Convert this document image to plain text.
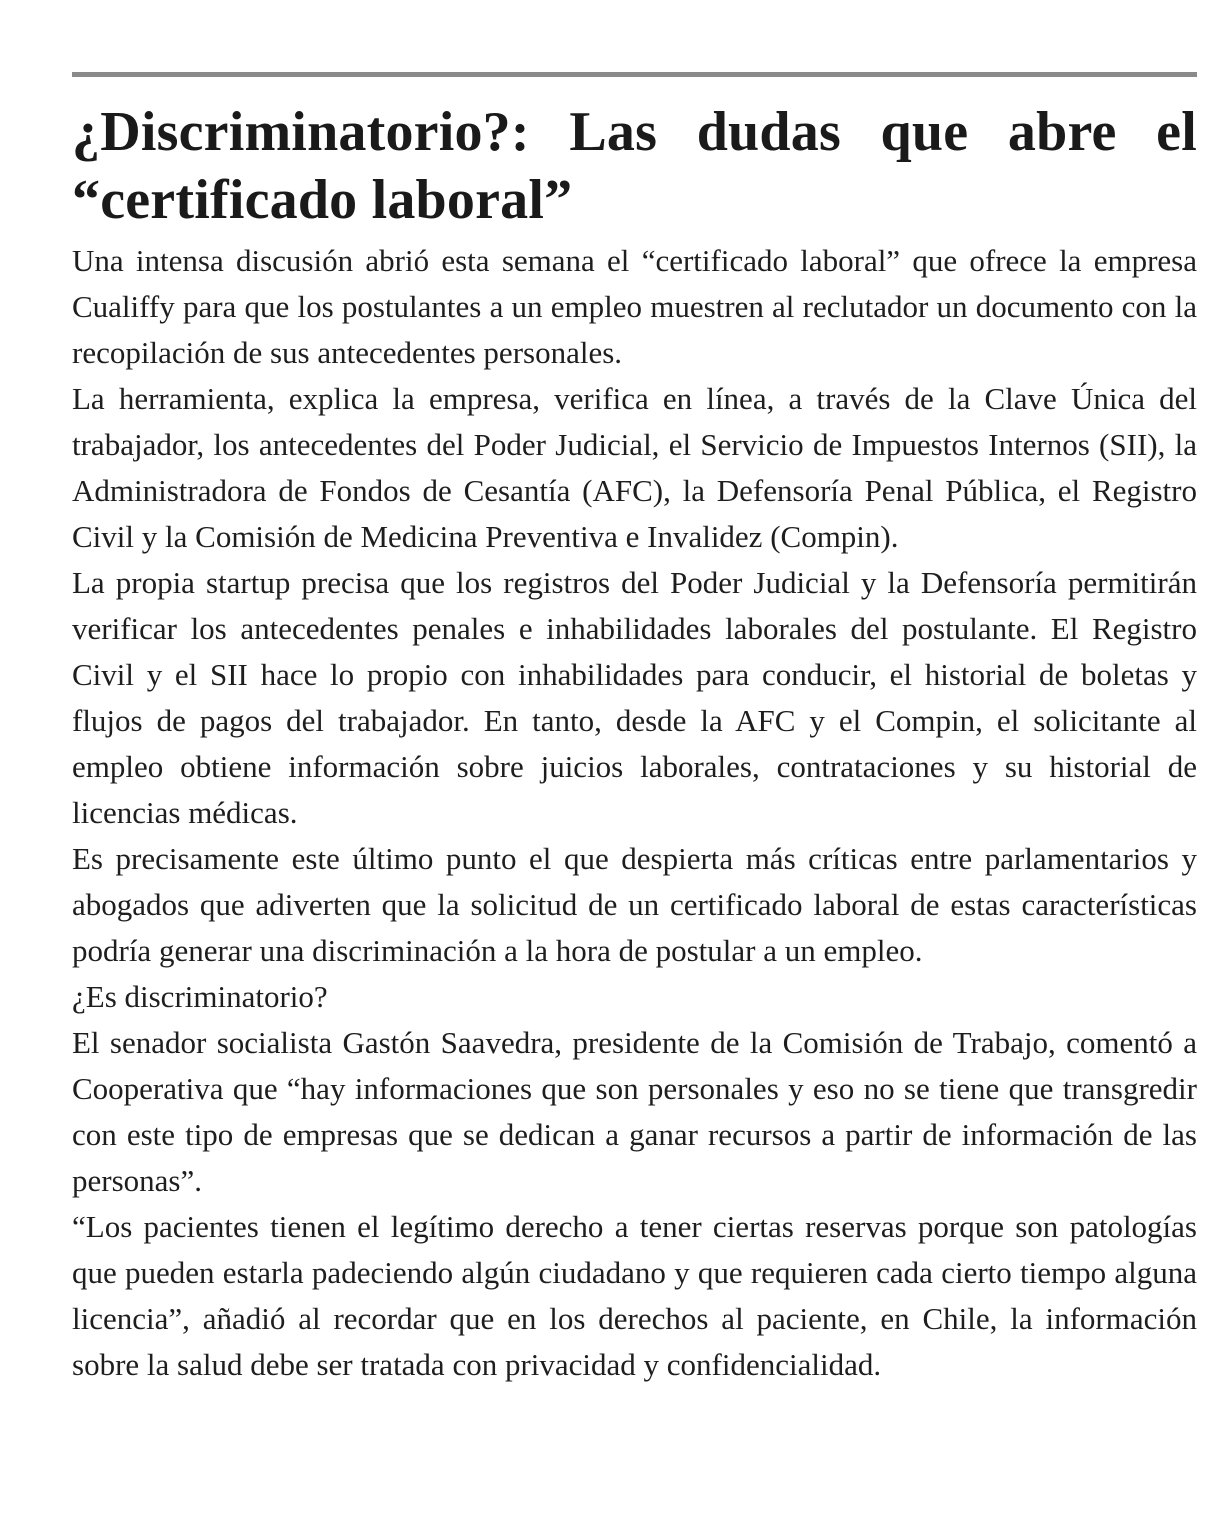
¿Discriminatorio?: Las dudas que abre el “certificado laboral”

Una intensa discusión abrió esta semana el “certificado laboral” que ofrece la empresa Cualiffy para que los postulantes a un empleo muestren al reclutador un documento con la recopilación de sus antecedentes personales.

La herramienta, explica la empresa, verifica en línea, a través de la Clave Única del trabajador, los antecedentes del Poder Judicial, el Servicio de Impuestos Internos (SII), la Administradora de Fondos de Cesantía (AFC), la Defensoría Penal Pública, el Registro Civil y la Comisión de Medicina Preventiva e Invalidez (Compin).

La propia startup precisa que los registros del Poder Judicial y la Defensoría permitirán verificar los antecedentes penales e inhabilidades laborales del postulante. El Registro Civil y el SII hace lo propio con inhabilidades para conducir, el historial de boletas y flujos de pagos del trabajador. En tanto, desde la AFC y el Compin, el solicitante al empleo obtiene información sobre juicios laborales, contrataciones y su historial de licencias médicas.

Es precisamente este último punto el que despierta más críticas entre parlamentarios y abogados que adiverten que la solicitud de un certificado laboral de estas características podría generar una discriminación a la hora de postular a un empleo.

¿Es discriminatorio?

El senador socialista Gastón Saavedra, presidente de la Comisión de Trabajo, comentó a Cooperativa que “hay informaciones que son personales y eso no se tiene que transgredir con este tipo de empresas que se dedican a ganar recursos a partir de información de las personas”.

“Los pacientes tienen el legítimo derecho a tener ciertas reservas porque son patologías que pueden estarla padeciendo algún ciudadano y que requieren cada cierto tiempo alguna licencia”, añadió al recordar que en los derechos al paciente, en Chile, la información sobre la salud debe ser tratada con privacidad y confidencialidad.
